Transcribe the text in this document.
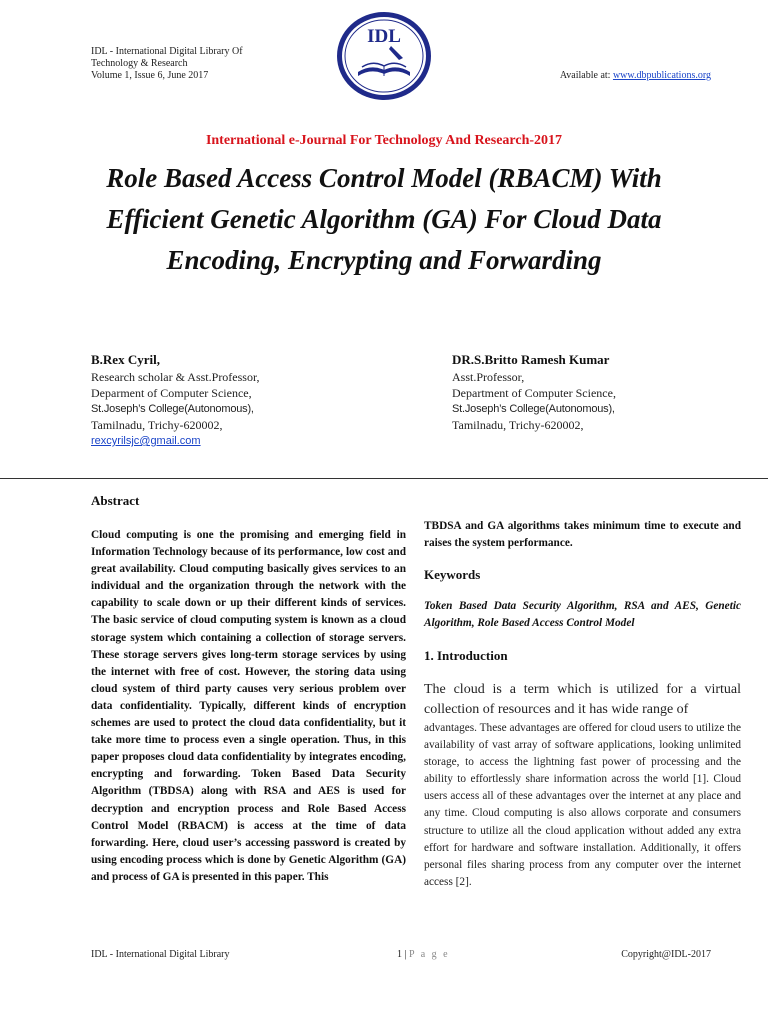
IDL - International Digital Library Of
Technology & Research
Volume 1, Issue 6, June 2017
IDL
Available at: www.dbpublications.org
International e-Journal For Technology And Research-2017
Role Based Access Control Model (RBACM) With Efficient Genetic Algorithm (GA) For Cloud Data Encoding, Encrypting and Forwarding
B.Rex Cyril,
Research scholar & Asst.Professor,
Deparment of Computer Science,
St.Joseph’s College(Autonomous),
Tamilnadu, Trichy-620002,
rexcyrilsjc@gmail.com
DR.S.Britto Ramesh Kumar
Asst.Professor,
Department of Computer Science,
St.Joseph’s College(Autonomous),
Tamilnadu, Trichy-620002,
Abstract
Cloud computing is one the promising and emerging field in Information Technology because of its performance, low cost and great availability. Cloud computing basically gives services to an individual and the organization through the network with the capability to scale down or up their different kinds of services. The basic service of cloud computing system is known as a cloud storage system which containing a collection of storage servers. These storage servers gives long-term storage services by using the internet with free of cost. However, the storing data using cloud system of third party causes very serious problem over data confidentiality. Typically, different kinds of encryption schemes are used to protect the cloud data confidentiality, but it take more time to process even a single operation. Thus, in this paper proposes cloud data confidentiality by integrates encoding, encrypting and forwarding. Token Based Data Security Algorithm (TBDSA) along with RSA and AES is used for decryption and encryption process and Role Based Access Control Model (RBACM) is access at the time of data forwarding. Here, cloud user’s accessing password is created by using encoding process which is done by Genetic Algorithm (GA) and process of GA is presented in this paper. This
TBDSA and GA algorithms takes minimum time to execute and raises the system performance.
Keywords
Token Based Data Security Algorithm, RSA and AES, Genetic Algorithm, Role Based Access Control Model
1. Introduction
The cloud is a term which is utilized for a virtual collection of resources and it has wide range of
advantages. These advantages are offered for cloud users to utilize the availability of vast array of software applications, looking unlimited storage, to access the lightning fast power of processing and the ability to effortlessly share information across the world [1]. Cloud users access all of these advantages over the internet at any place and any time. Cloud computing is also allows corporate and consumers structure to utilize all the cloud application without added any extra effort for hardware and software installation. Additionally, it offers personal files sharing process from any computer over the internet access [2].
IDL - International Digital Library	1 | P a g e	Copyright@IDL-2017
